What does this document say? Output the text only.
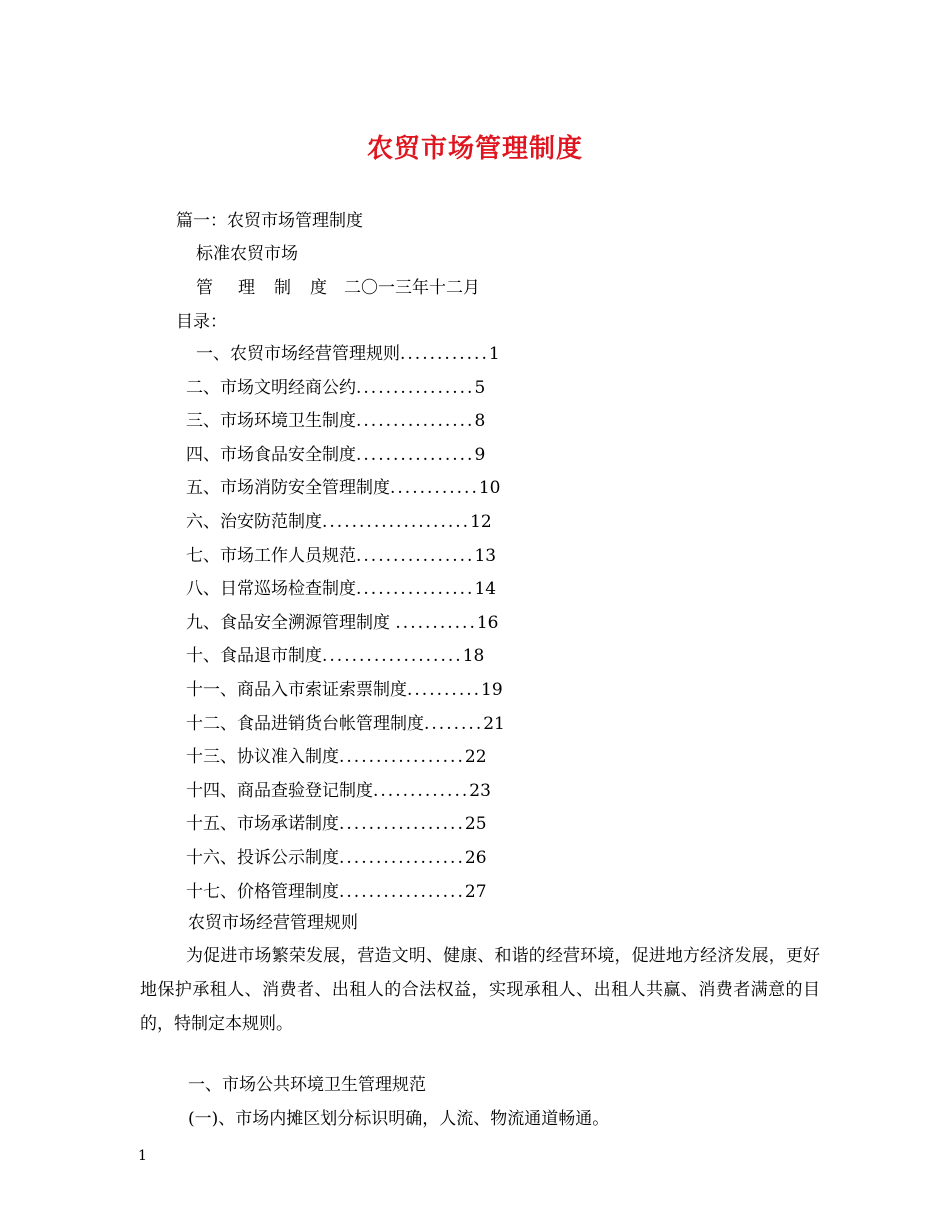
农贸市场管理制度
篇一：农贸市场管理制度
标准农贸市场
管 理 制 度 二〇一三年十二月
目录：
一、农贸市场经营管理规则............1
二、市场文明经商公约................5
三、市场环境卫生制度................8
四、市场食品安全制度................9
五、市场消防安全管理制度............10
六、治安防范制度....................12
七、市场工作人员规范................13
八、日常巡场检查制度................14
九、食品安全溯源管理制度 ...........16
十、食品退市制度...................18
十一、商品入市索证索票制度..........19
十二、食品进销货台帐管理制度........21
十三、协议准入制度.................22
十四、商品查验登记制度.............23
十五、市场承诺制度.................25
十六、投诉公示制度.................26
十七、价格管理制度.................27
农贸市场经营管理规则
为促进市场繁荣发展，营造文明、健康、和谐的经营环境，促进地方经济发展，更好地保护承租人、消费者、出租人的合法权益，实现承租人、出租人共赢、消费者满意的目的，特制定本规则。
一、市场公共环境卫生管理规范
(一)、市场内摊区划分标识明确，人流、物流通道畅通。
1
